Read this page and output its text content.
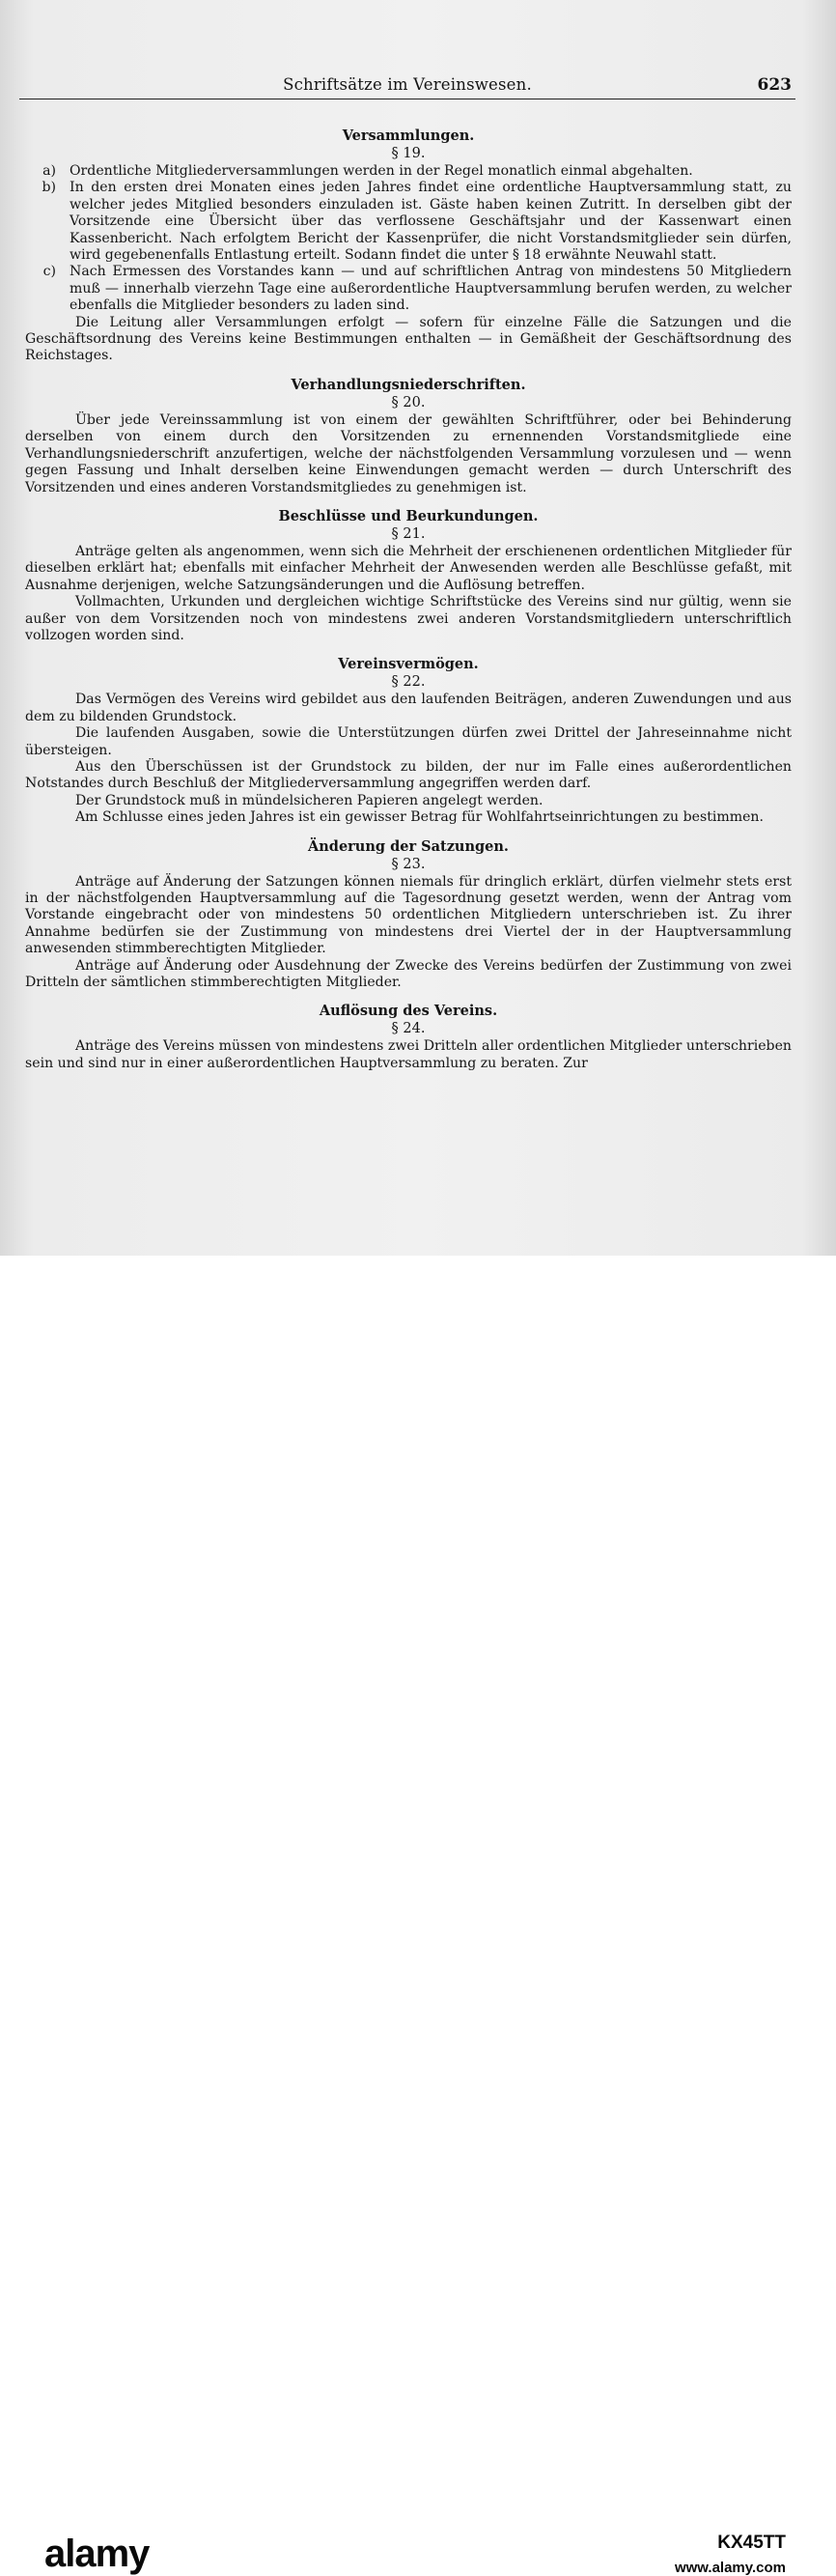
Schriftsätze im Vereinswesen.	623
Versammlungen.
§ 19.
a) Ordentliche Mitgliederversammlungen werden in der Regel monatlich einmal abgehalten.
b) In den ersten drei Monaten eines jeden Jahres findet eine ordentliche Hauptversammlung statt, zu welcher jedes Mitglied besonders einzuladen ist. Gäste haben keinen Zutritt. In derselben gibt der Vorsitzende eine Übersicht über das verflossene Geschäftsjahr und der Kassenwart einen Kassenbericht. Nach erfolgtem Bericht der Kassenprüfer, die nicht Vorstandsmitglieder sein dürfen, wird gegebenenfalls Entlastung erteilt. Sodann findet die unter § 18 erwähnte Neuwahl statt.
c) Nach Ermessen des Vorstandes kann — und auf schriftlichen Antrag von mindestens 50 Mitgliedern muß — innerhalb vierzehn Tage eine außerordentliche Hauptversammlung berufen werden, zu welcher ebenfalls die Mitglieder besonders zu laden sind.

Die Leitung aller Versammlungen erfolgt — sofern für einzelne Fälle die Satzungen und die Geschäftsordnung des Vereins keine Bestimmungen enthalten — in Gemäßheit der Geschäftsordnung des Reichstages.

Verhandlungsniederschriften.
§ 20.

Über jede Vereinssammlung ist von einem der gewählten Schriftführer, oder bei Behinderung derselben von einem durch den Vorsitzenden zu ernennenden Vorstandsmitgliede eine Verhandlungsniederschrift anzufertigen, welche der nächstfolgenden Versammlung vorzulesen und — wenn gegen Fassung und Inhalt derselben keine Einwendungen gemacht werden — durch Unterschrift des Vorsitzenden und eines anderen Vorstandsmitgliedes zu genehmigen ist.

Beschlüsse und Beurkundungen.
§ 21.

Anträge gelten als angenommen, wenn sich die Mehrheit der erschienenen ordentlichen Mitglieder für dieselben erklärt hat; ebenfalls mit einfacher Mehrheit der Anwesenden werden alle Beschlüsse gefaßt, mit Ausnahme derjenigen, welche Satzungsänderungen und die Auflösung betreffen.

Vollmachten, Urkunden und dergleichen wichtige Schriftstücke des Vereins sind nur gültig, wenn sie außer von dem Vorsitzenden noch von mindestens zwei anderen Vorstandsmitgliedern unterschriftlich vollzogen worden sind.

Vereinsvermögen.
§ 22.

Das Vermögen des Vereins wird gebildet aus den laufenden Beiträgen, anderen Zuwendungen und aus dem zu bildenden Grundstock.

Die laufenden Ausgaben, sowie die Unterstützungen dürfen zwei Drittel der Jahreseinnahme nicht übersteigen.

Aus den Überschüssen ist der Grundstock zu bilden, der nur im Falle eines außerordentlichen Notstandes durch Beschluß der Mitgliederversammlung angegriffen werden darf.

Der Grundstock muß in mündelsicheren Papieren angelegt werden.

Am Schlusse eines jeden Jahres ist ein gewisser Betrag für Wohlfahrtseinrichtungen zu bestimmen.

Änderung der Satzungen.
§ 23.

Anträge auf Änderung der Satzungen können niemals für dringlich erklärt, dürfen vielmehr stets erst in der nächstfolgenden Hauptversammlung auf die Tagesordnung gesetzt werden, wenn der Antrag vom Vorstande eingebracht oder von mindestens 50 ordentlichen Mitgliedern unterschrieben ist. Zu ihrer Annahme bedürfen sie der Zustimmung von mindestens drei Viertel der in der Hauptversammlung anwesenden stimmberechtigten Mitglieder.

Anträge auf Änderung oder Ausdehnung der Zwecke des Vereins bedürfen der Zustimmung von zwei Dritteln der sämtlichen stimmberechtigten Mitglieder.

Auflösung des Vereins.
§ 24.

Anträge des Vereins müssen von mindestens zwei Dritteln aller ordentlichen Mitglieder unterschrieben sein und sind nur in einer außerordentlichen Hauptversammlung zu beraten. Zur

alamy	KX45TT
www.alamy.com
